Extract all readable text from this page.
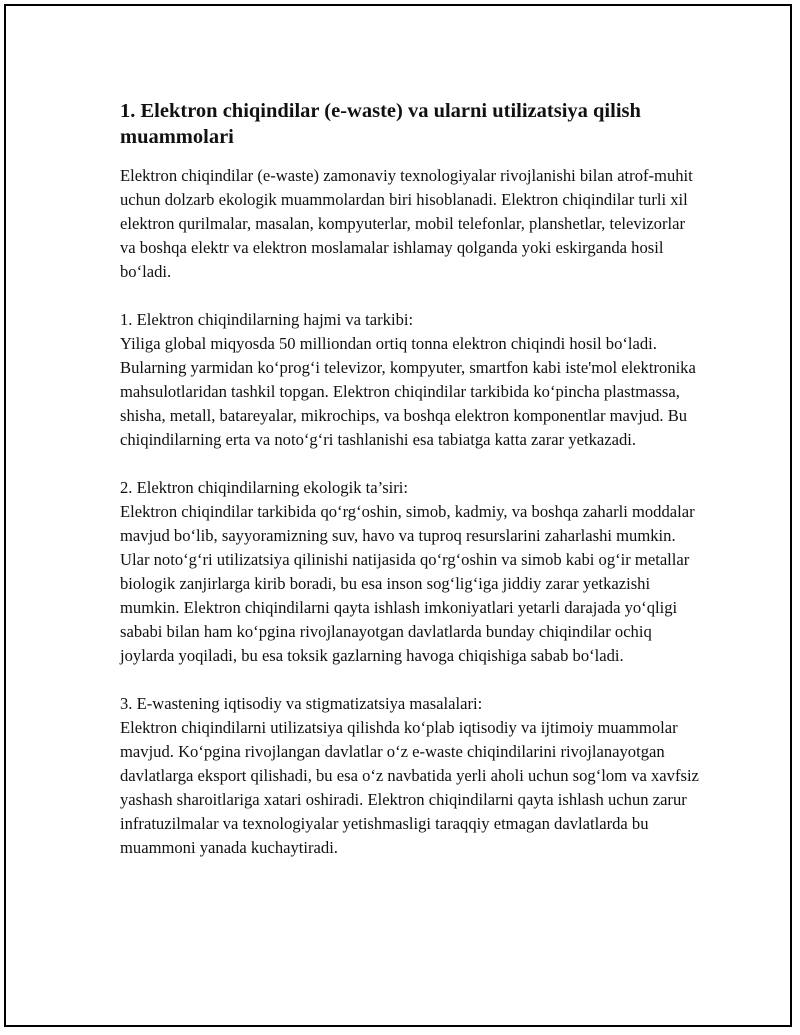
1. Elektron chiqindilar (e-waste) va ularni utilizatsiya qilish muammolari

Elektron chiqindilar (e-waste) zamonaviy texnologiyalar rivojlanishi bilan atrof-muhit uchun dolzarb ekologik muammolardan biri hisoblanadi. Elektron chiqindilar turli xil elektron qurilmalar, masalan, kompyuterlar, mobil telefonlar, planshetlar, televizorlar va boshqa elektr va elektron moslamalar ishlamay qolganda yoki eskirganda hosil bo‘ladi.

1. Elektron chiqindilarning hajmi va tarkibi:
Yiliga global miqyosda 50 milliondan ortiq tonna elektron chiqindi hosil bo‘ladi. Bularning yarmidan ko‘prog‘i televizor, kompyuter, smartfon kabi iste'mol elektronika mahsulotlaridan tashkil topgan. Elektron chiqindilar tarkibida ko‘pincha plastmassa, shisha, metall, batareyalar, mikrochips, va boshqa elektron komponentlar mavjud. Bu chiqindilarning erta va noto‘g‘ri tashlanishi esa tabiatga katta zarar yetkazadi.

2. Elektron chiqindilarning ekologik ta’siri:
Elektron chiqindilar tarkibida qo‘rg‘oshin, simob, kadmiy, va boshqa zaharli moddalar mavjud bo‘lib, sayyoramizning suv, havo va tuproq resurslarini zaharlashi mumkin. Ular noto‘g‘ri utilizatsiya qilinishi natijasida qo‘rg‘oshin va simob kabi og‘ir metallar biologik zanjirlarga kirib boradi, bu esa inson sog‘lig‘iga jiddiy zarar yetkazishi mumkin. Elektron chiqindilarni qayta ishlash imkoniyatlari yetarli darajada yo‘qligi sababi bilan ham ko‘pgina rivojlanayotgan davlatlarda bunday chiqindilar ochiq joylarda yoqiladi, bu esa toksik gazlarning havoga chiqishiga sabab bo‘ladi.

3. E-wastening iqtisodiy va stigmatizatsiya masalalari:
Elektron chiqindilarni utilizatsiya qilishda ko‘plab iqtisodiy va ijtimoiy muammolar mavjud. Ko‘pgina rivojlangan davlatlar o‘z e-waste chiqindilarini rivojlanayotgan davlatlarga eksport qilishadi, bu esa o‘z navbatida yerli aholi uchun sog‘lom va xavfsiz yashash sharoitlariga xatari oshiradi. Elektron chiqindilarni qayta ishlash uchun zarur infratuzilmalar va texnologiyalar yetishmasligi taraqqiy etmagan davlatlarda bu muammoni yanada kuchaytiradi.
